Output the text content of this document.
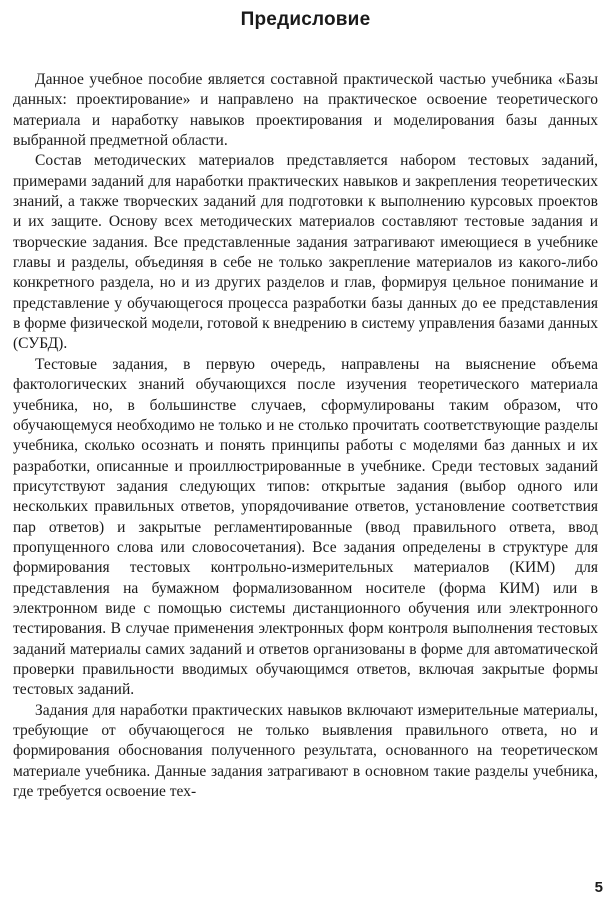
Предисловие

Данное учебное пособие является составной практической частью учебника «Базы данных: проектирование» и направлено на практическое освоение теоретического материала и наработку навыков проектирования и моделирования базы данных выбранной предметной области.

Состав методических материалов представляется набором тестовых заданий, примерами заданий для наработки практических навыков и закрепления теоретических знаний, а также творческих заданий для подготовки к выполнению курсовых проектов и их защите. Основу всех методических материалов составляют тестовые задания и творческие задания. Все представленные задания затрагивают имеющиеся в учебнике главы и разделы, объединяя в себе не только закрепление материалов из какого-либо конкретного раздела, но и из других разделов и глав, формируя цельное понимание и представление у обучающегося процесса разработки базы данных до ее представления в форме физической модели, готовой к внедрению в систему управления базами данных (СУБД).

Тестовые задания, в первую очередь, направлены на выяснение объема фактологических знаний обучающихся после изучения теоретического материала учебника, но, в большинстве случаев, сформулированы таким образом, что обучающемуся необходимо не только и не столько прочитать соответствующие разделы учебника, сколько осознать и понять принципы работы с моделями баз данных и их разработки, описанные и проиллюстрированные в учебнике. Среди тестовых заданий присутствуют задания следующих типов: открытые задания (выбор одного или нескольких правильных ответов, упорядочивание ответов, установление соответствия пар ответов) и закрытые регламентированные (ввод правильного ответа, ввод пропущенного слова или словосочетания). Все задания определены в структуре для формирования тестовых контрольно-измерительных материалов (КИМ) для представления на бумажном формализованном носителе (форма КИМ) или в электронном виде с помощью системы дистанционного обучения или электронного тестирования. В случае применения электронных форм контроля выполнения тестовых заданий материалы самих заданий и ответов организованы в форме для автоматической проверки правильности вводимых обучающимся ответов, включая закрытые формы тестовых заданий.

Задания для наработки практических навыков включают измерительные материалы, требующие от обучающегося не только выявления правильного ответа, но и формирования обоснования полученного результата, основанного на теоретическом материале учебника. Данные задания затрагивают в основном такие разделы учебника, где требуется освоение тех-

5
